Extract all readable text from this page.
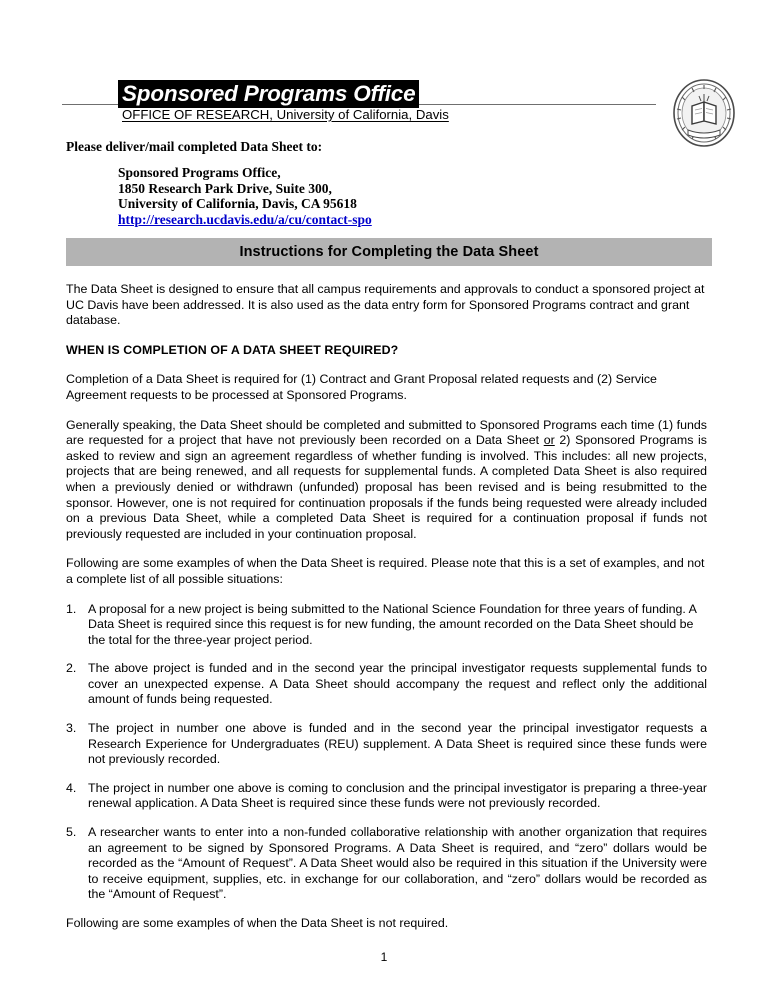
Sponsored Programs Office
OFFICE OF RESEARCH, University of California, Davis
Please deliver/mail completed Data Sheet to:
Sponsored Programs Office,
1850 Research Park Drive, Suite 300,
University of California, Davis, CA 95618
http://research.ucdavis.edu/a/cu/contact-spo
Instructions for Completing the Data Sheet

The Data Sheet is designed to ensure that all campus requirements and approvals to conduct a sponsored project at UC Davis have been addressed. It is also used as the data entry form for Sponsored Programs contract and grant database.

WHEN IS COMPLETION OF A DATA SHEET REQUIRED?

Completion of a Data Sheet is required for (1) Contract and Grant Proposal related requests and (2) Service Agreement requests to be processed at Sponsored Programs.

Generally speaking, the Data Sheet should be completed and submitted to Sponsored Programs each time (1) funds are requested for a project that have not previously been recorded on a Data Sheet or 2) Sponsored Programs is asked to review and sign an agreement regardless of whether funding is involved. This includes: all new projects, projects that are being renewed, and all requests for supplemental funds. A completed Data Sheet is also required when a previously denied or withdrawn (unfunded) proposal has been revised and is being resubmitted to the sponsor. However, one is not required for continuation proposals if the funds being requested were already included on a previous Data Sheet, while a completed Data Sheet is required for a continuation proposal if funds not previously requested are included in your continuation proposal.

Following are some examples of when the Data Sheet is required. Please note that this is a set of examples, and not a complete list of all possible situations:

A proposal for a new project is being submitted to the National Science Foundation for three years of funding. A Data Sheet is required since this request is for new funding, the amount recorded on the Data Sheet should be the total for the three-year project period.
The above project is funded and in the second year the principal investigator requests supplemental funds to cover an unexpected expense. A Data Sheet should accompany the request and reflect only the additional amount of funds being requested.
The project in number one above is funded and in the second year the principal investigator requests a Research Experience for Undergraduates (REU) supplement. A Data Sheet is required since these funds were not previously recorded.
The project in number one above is coming to conclusion and the principal investigator is preparing a three-year renewal application. A Data Sheet is required since these funds were not previously recorded.
A researcher wants to enter into a non-funded collaborative relationship with another organization that requires an agreement to be signed by Sponsored Programs. A Data Sheet is required, and “zero” dollars would be recorded as the “Amount of Request”. A Data Sheet would also be required in this situation if the University were to receive equipment, supplies, etc. in exchange for our collaboration, and “zero” dollars would be recorded as the “Amount of Request”.

Following are some examples of when the Data Sheet is not required.

1
